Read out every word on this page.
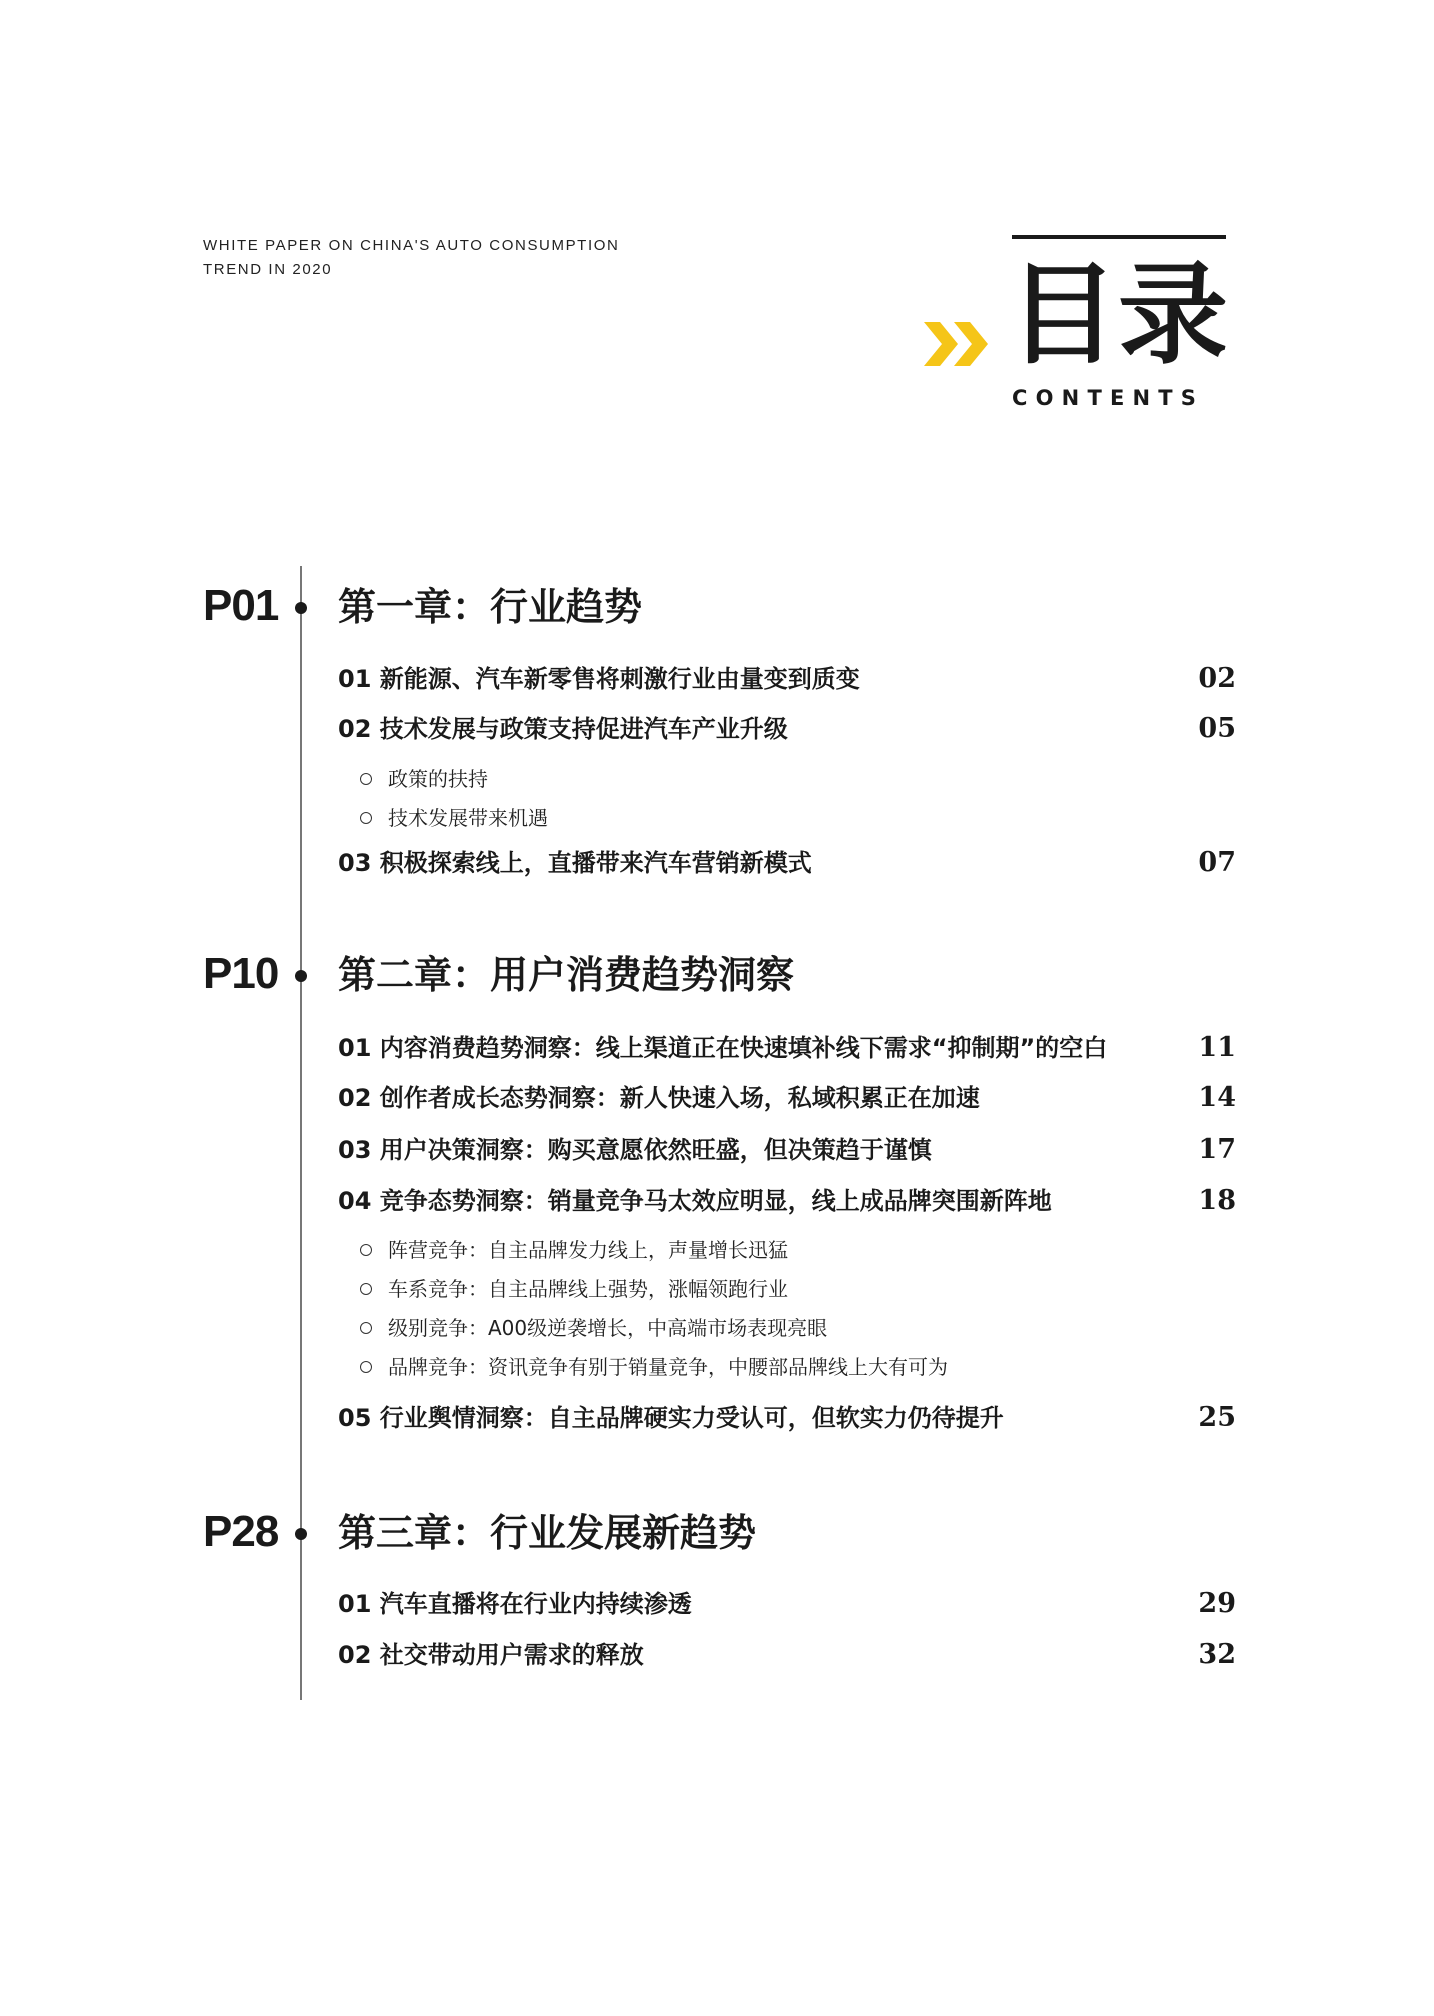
WHITE PAPER ON CHINA'S AUTO CONSUMPTION
TREND IN 2020	目录
CONTENTS
P01 第一章：行业趋势
01 新能源、汽车新零售将刺激行业由量变到质变	02
02 技术发展与政策支持促进汽车产业升级	05
政策的扶持
技术发展带来机遇
03 积极探索线上，直播带来汽车营销新模式	07
P10 第二章：用户消费趋势洞察
01 内容消费趋势洞察：线上渠道正在快速填补线下需求“抑制期”的空白	11
02 创作者成长态势洞察：新人快速入场，私域积累正在加速	14
03 用户决策洞察：购买意愿依然旺盛，但决策趋于谨慎	17
04 竞争态势洞察：销量竞争马太效应明显，线上成品牌突围新阵地	18
阵营竞争：自主品牌发力线上，声量增长迅猛
车系竞争：自主品牌线上强势，涨幅领跑行业
级别竞争：A00级逆袭增长，中高端市场表现亮眼
品牌竞争：资讯竞争有别于销量竞争，中腰部品牌线上大有可为
05 行业舆情洞察：自主品牌硬实力受认可，但软实力仍待提升	25
P28 第三章：行业发展新趋势
01 汽车直播将在行业内持续渗透	29
02 社交带动用户需求的释放	32
